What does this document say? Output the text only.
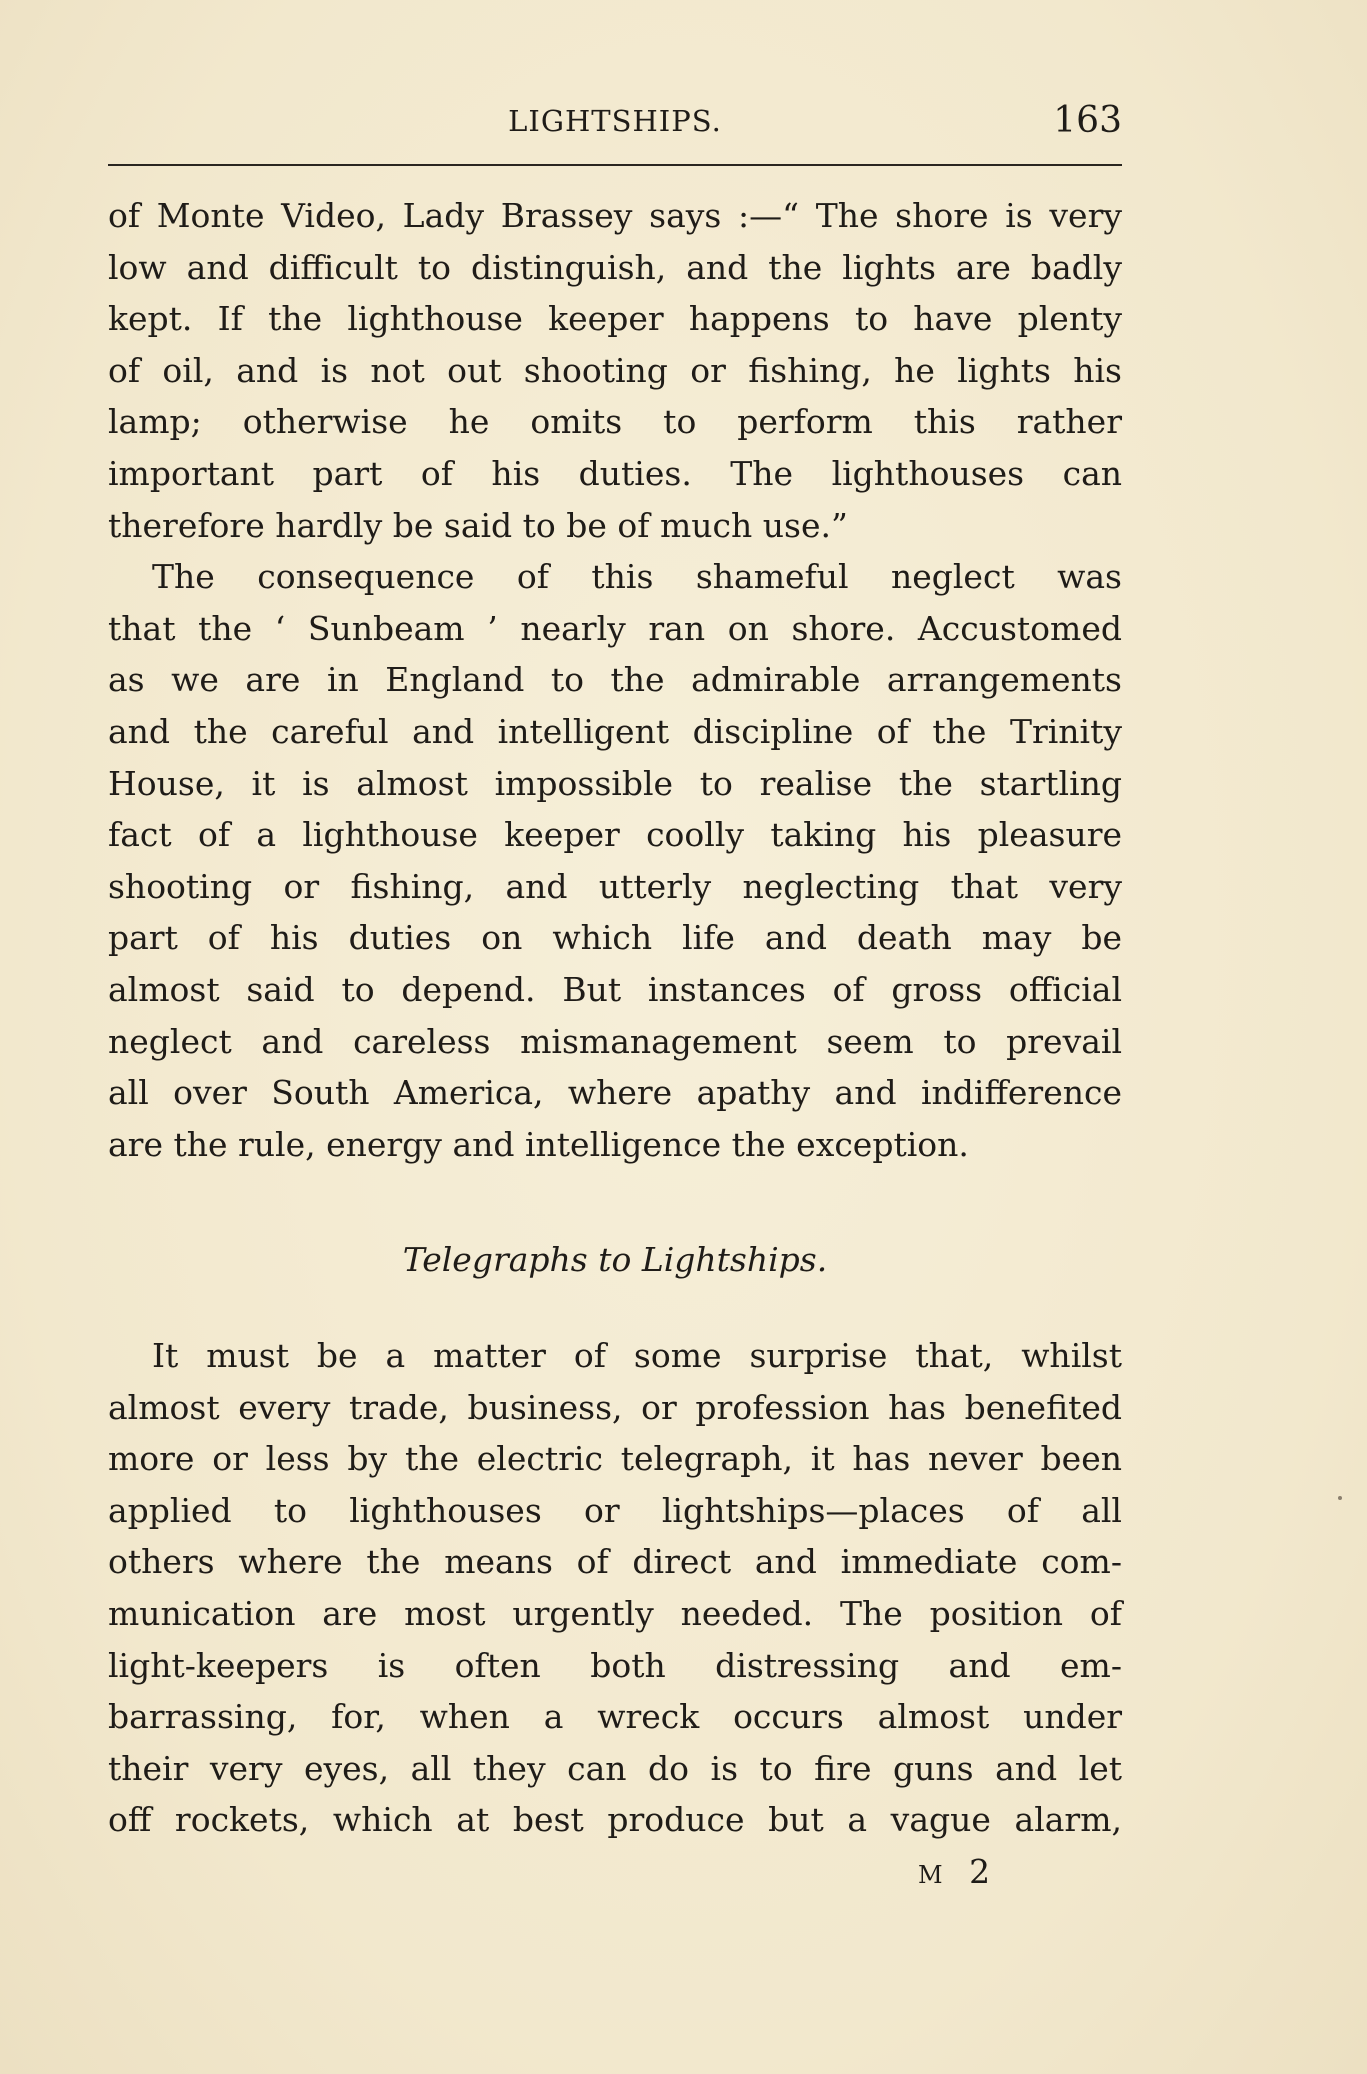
LIGHTSHIPS.	163
of Monte Video, Lady Brassey says :—“ The shore is very
low and difficult to distinguish, and the lights are badly
kept. If the lighthouse keeper happens to have plenty
of oil, and is not out shooting or fishing, he lights his
lamp; otherwise he omits to perform this rather
important part of his duties. The lighthouses can
therefore hardly be said to be of much use.”
The consequence of this shameful neglect was
that the ‘ Sunbeam ’ nearly ran on shore. Accustomed
as we are in England to the admirable arrangements
and the careful and intelligent discipline of the Trinity
House, it is almost impossible to realise the startling
fact of a lighthouse keeper coolly taking his pleasure
shooting or fishing, and utterly neglecting that very
part of his duties on which life and death may be
almost said to depend. But instances of gross official
neglect and careless mismanagement seem to prevail
all over South America, where apathy and indifference
are the rule, energy and intelligence the exception.
Telegraphs to Lightships.
It must be a matter of some surprise that, whilst
almost every trade, business, or profession has benefited
more or less by the electric telegraph, it has never been
applied to lighthouses or lightships—places of all
others where the means of direct and immediate com-
munication are most urgently needed. The position of
light-keepers is often both distressing and em-
barrassing, for, when a wreck occurs almost under
their very eyes, all they can do is to fire guns and let
off rockets, which at best produce but a vague alarm,
M 2
